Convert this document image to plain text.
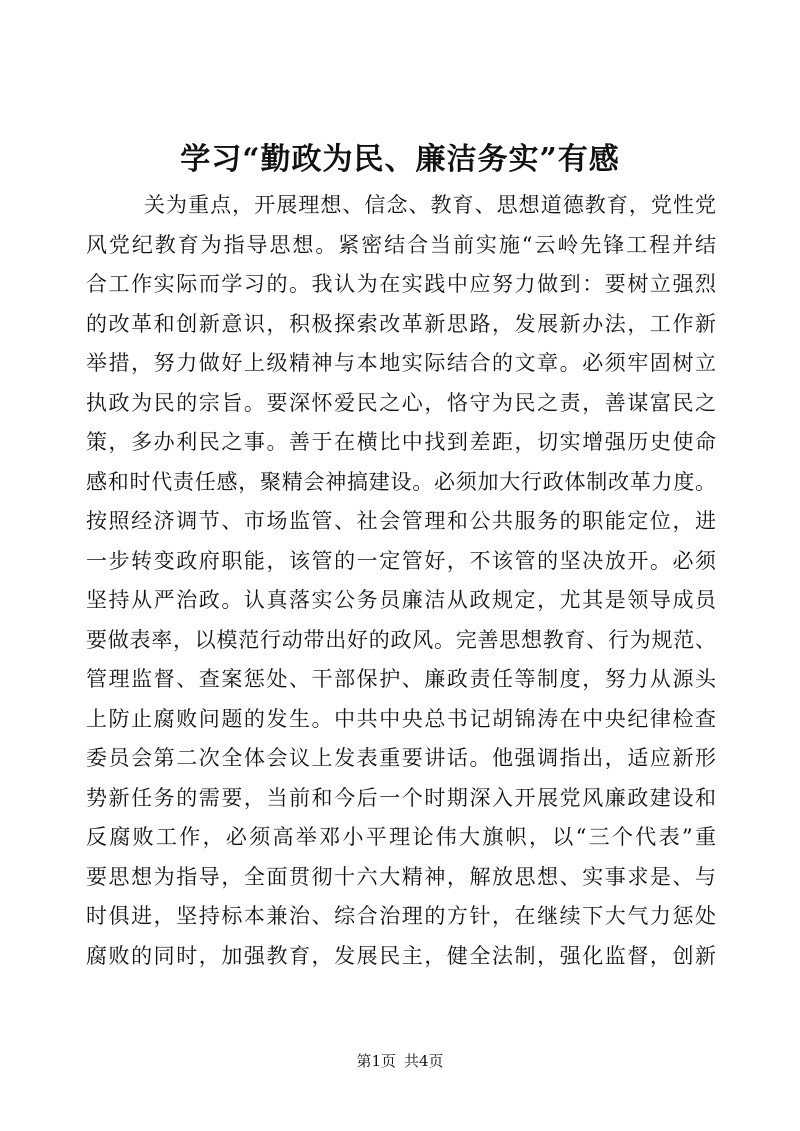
学习“勤政为民、廉洁务实”有感
关为重点，开展理想、信念、教育、思想道德教育，党性党
风党纪教育为指导思想。紧密结合当前实施“云岭先锋工程并结
合工作实际而学习的。我认为在实践中应努力做到：要树立强烈
的改革和创新意识，积极探索改革新思路，发展新办法，工作新
举措，努力做好上级精神与本地实际结合的文章。必须牢固树立
执政为民的宗旨。要深怀爱民之心，恪守为民之责，善谋富民之
策，多办利民之事。善于在横比中找到差距，切实增强历史使命
感和时代责任感，聚精会神搞建设。必须加大行政体制改革力度。
按照经济调节、市场监管、社会管理和公共服务的职能定位，进
一步转变政府职能，该管的一定管好，不该管的坚决放开。必须
坚持从严治政。认真落实公务员廉洁从政规定，尤其是领导成员
要做表率，以模范行动带出好的政风。完善思想教育、行为规范、
管理监督、查案惩处、干部保护、廉政责任等制度，努力从源头
上防止腐败问题的发生。中共中央总书记胡锦涛在中央纪律检查
委员会第二次全体会议上发表重要讲话。他强调指出，适应新形
势新任务的需要，当前和今后一个时期深入开展党风廉政建设和
反腐败工作，必须高举邓小平理论伟大旗帜，以“三个代表”重
要思想为指导，全面贯彻十六大精神，解放思想、实事求是、与
时俱进，坚持标本兼治、综合治理的方针，在继续下大气力惩处
腐败的同时，加强教育，发展民主，健全法制，强化监督，创新
第1页 共4页
